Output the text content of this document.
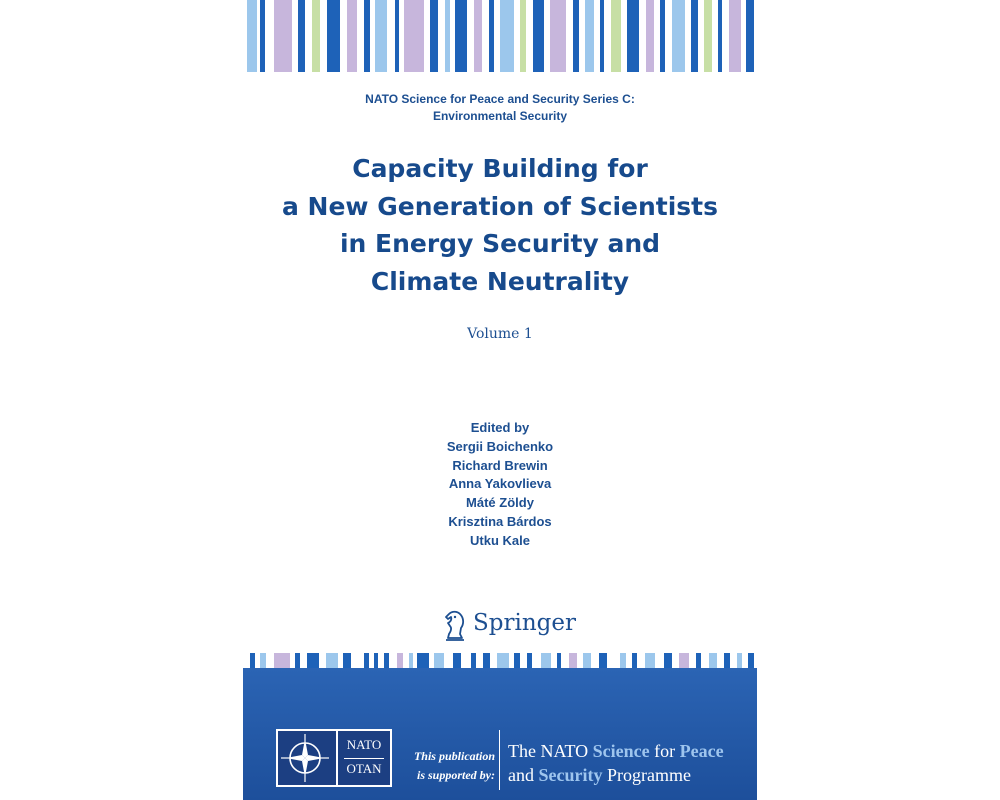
NATO Science for Peace and Security Series C:
Environmental Security
Capacity Building for
a New Generation of Scientists
in Energy Security and
Climate Neutrality
Volume 1
Edited by
Sergii Boichenko
Richard Brewin
Anna Yakovlieva
Máté Zöldy
Krisztina Bárdos
Utku Kale
Springer
NATO
OTAN
This publication
is supported by:
The NATO Science for Peace
and Security Programme
